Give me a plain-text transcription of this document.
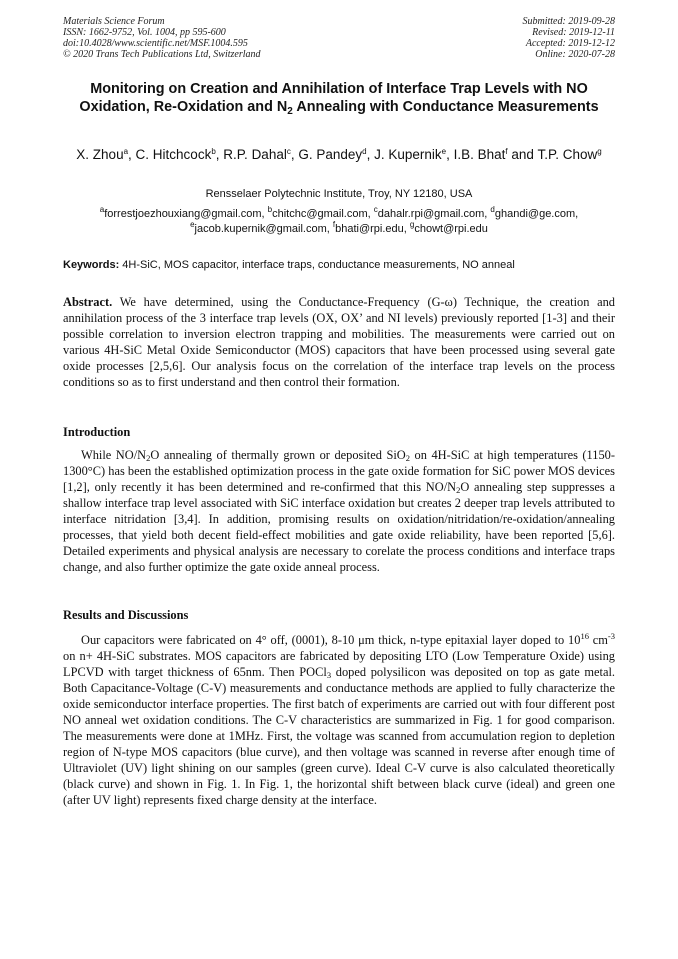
Materials Science Forum
ISSN: 1662-9752, Vol. 1004, pp 595-600
doi:10.4028/www.scientific.net/MSF.1004.595
© 2020 Trans Tech Publications Ltd, Switzerland
Submitted: 2019-09-28
Revised: 2019-12-11
Accepted: 2019-12-12
Online: 2020-07-28
Monitoring on Creation and Annihilation of Interface Trap Levels with NO Oxidation, Re-Oxidation and $N_2$ Annealing with Conductance Measurements
X. Zhou$^a$, C. Hitchcock$^b$, R.P. Dahal$^c$, G. Pandey$^d$, J. Kupernik$^e$, I.B. Bhat$^f$ and T.P. Chow$^g$
Rensselaer Polytechnic Institute, Troy, NY 12180, USA
$^a$forrestjoezhouxiang@gmail.com, $^b$chitchc@gmail.com, $^c$dahalr.rpi@gmail.com, $^d$ghandi@ge.com, $^e$jacob.kupernik@gmail.com, $^f$bhati@rpi.edu, $^g$chowt@rpi.edu
Keywords: 4H-SiC, MOS capacitor, interface traps, conductance measurements, NO anneal

Abstract. We have determined, using the Conductance-Frequency (G-ω) Technique, the creation and annihilation process of the 3 interface trap levels (OX, OX’ and NI levels) previously reported [1-3] and their possible correlation to inversion electron trapping and mobilities. The measurements were carried out on various 4H-SiC Metal Oxide Semiconductor (MOS) capacitors that have been processed using several gate oxide processes [2,5,6]. Our analysis focus on the correlation of the interface trap levels on the process conditions so as to first understand and then control their formation.

Introduction

While $NO/N_2O$ annealing of thermally grown or deposited SiO$_2$ on 4H-SiC at high temperatures (1150-1300°C) has been the established optimization process in the gate oxide formation for SiC power MOS devices [1,2], only recently it has been determined and re-confirmed that this $NO/N_2O$ annealing step suppresses a shallow interface trap level associated with SiC interface oxidation but creates 2 deeper trap levels attributed to interface nitridation [3,4]. In addition, promising results on oxidation/nitridation/re-oxidation/annealing processes, that yield both decent field-effect mobilities and gate oxide reliability, have been reported [5,6]. Detailed experiments and physical analysis are necessary to corelate the process conditions and interface traps change, and also further optimize the gate oxide anneal process.

Results and Discussions

Our capacitors were fabricated on 4° off, (0001), 8-10 μm thick, n-type epitaxial layer doped to $10^{16}$ $cm^{-3}$ on n+ 4H-SiC substrates. MOS capacitors are fabricated by depositing LTO (Low Temperature Oxide) using LPCVD with target thickness of 65nm. Then POCl$_3$ doped polysilicon was deposited on top as gate metal. Both Capacitance-Voltage (C-V) measurements and conductance methods are applied to fully characterize the oxide semiconductor interface properties. The first batch of experiments are carried out with four different post NO anneal wet oxidation conditions. The C-V characteristics are summarized in Fig. 1 for good comparison. The measurements were done at 1MHz. First, the voltage was scanned from accumulation region to depletion region of N-type MOS capacitors (blue curve), and then voltage was scanned in reverse after enough time of Ultraviolet (UV) light shining on our samples (green curve). Ideal C-V curve is also calculated theoretically (black curve) and shown in Fig. 1. In Fig. 1, the horizontal shift between black curve (ideal) and green one (after UV light) represents fixed charge density at the interface.
